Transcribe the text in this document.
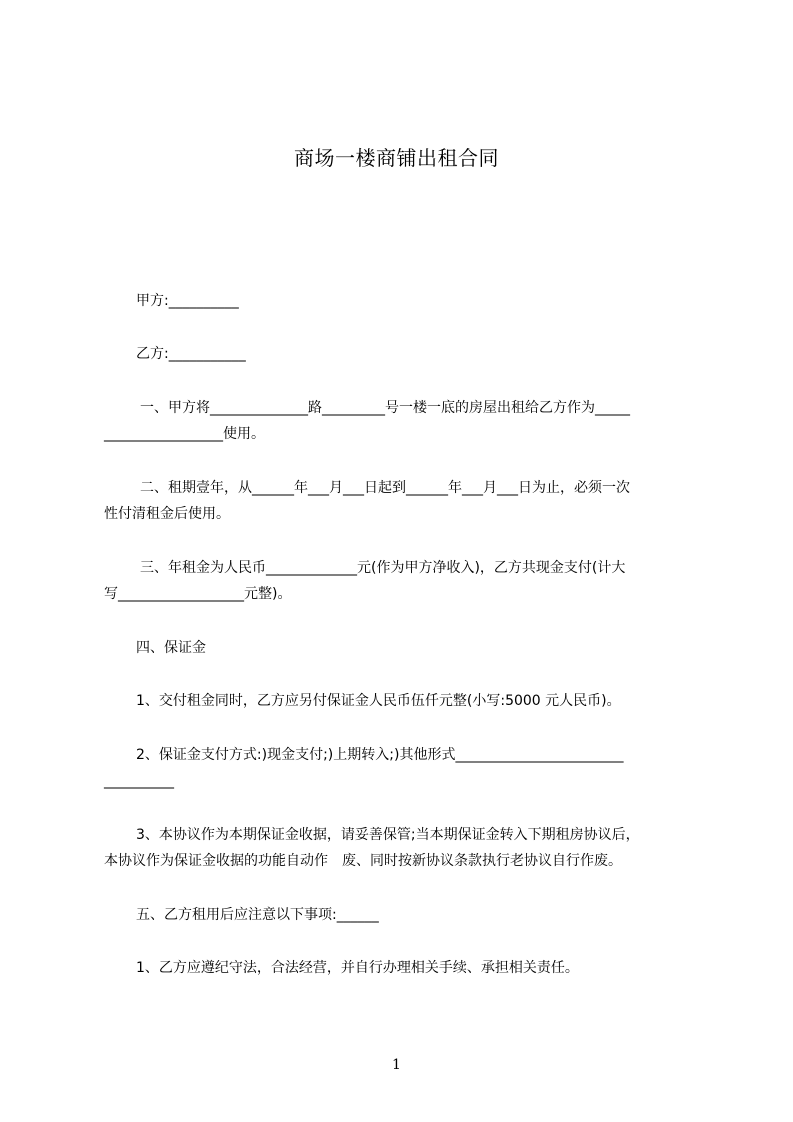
商场一楼商铺出租合同
甲方:__________
乙方:___________
一、甲方将______________路_________号一楼一底的房屋出租给乙方作为_____
_________________使用。
二、租期壹年，从______年___月___日起到______年___月___日为止，必须一次
性付清租金后使用。
三、年租金为人民币_____________元(作为甲方净收入)，乙方共现金支付(计大
写__________________元整)。
四、保证金
1、交付租金同时，乙方应另付保证金人民币伍仟元整(小写:5000 元人民币)。
2、保证金支付方式:)现金支付;)上期转入;)其他形式________________________
__________
3、本协议作为本期保证金收据，请妥善保管;当本期保证金转入下期租房协议后，
本协议作为保证金收据的功能自动作　废、同时按新协议条款执行老协议自行作废。
五、乙方租用后应注意以下事项:______
1、乙方应遵纪守法，合法经营，并自行办理相关手续、承担相关责任。
1
